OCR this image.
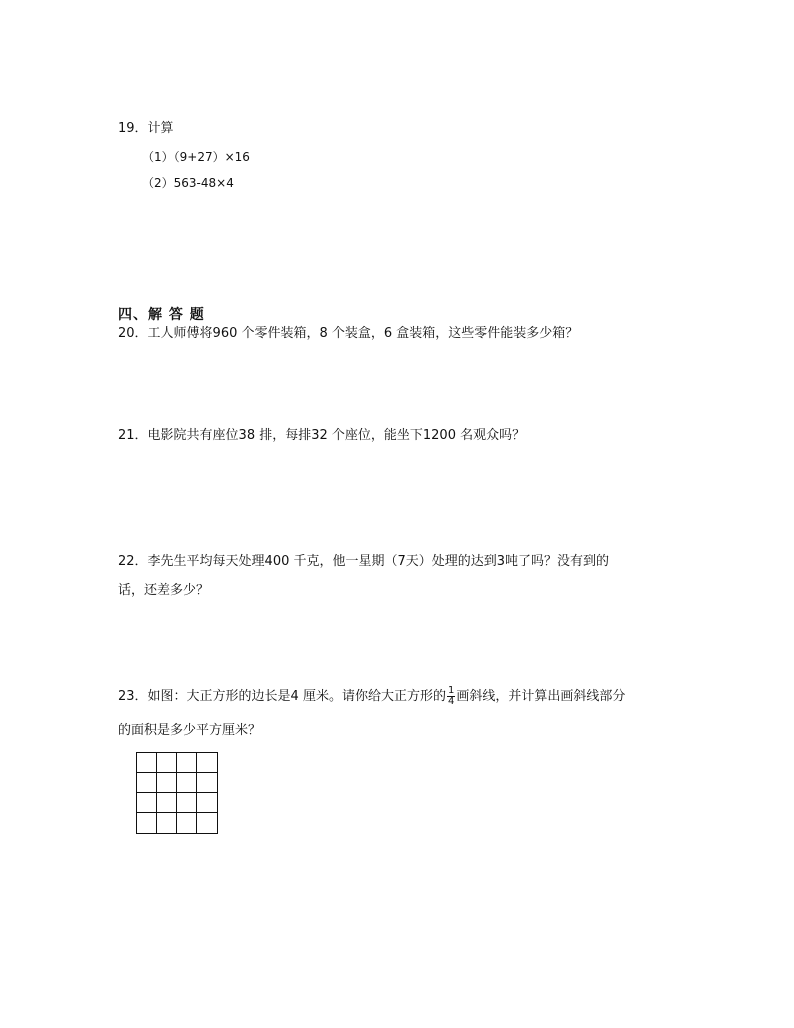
19．计算
（1）（9+27）×16
（2）563-48×4
四、解 答 题
20．工人师傅将960 个零件装箱，8 个装盒，6 盒装箱，这些零件能装多少箱？
21．电影院共有座位38 排，每排32 个座位，能坐下1200 名观众吗？
22．李先生平均每天处理400 千克，他一星期（7天）处理的达到3吨了吗？没有到的
话，还差多少？
23．如图：大正方形的边长是4 厘米。请你给大正方形的 $\frac{1}{4}$ 画斜线，并计算出画斜线部分
的面积是多少平方厘米？
